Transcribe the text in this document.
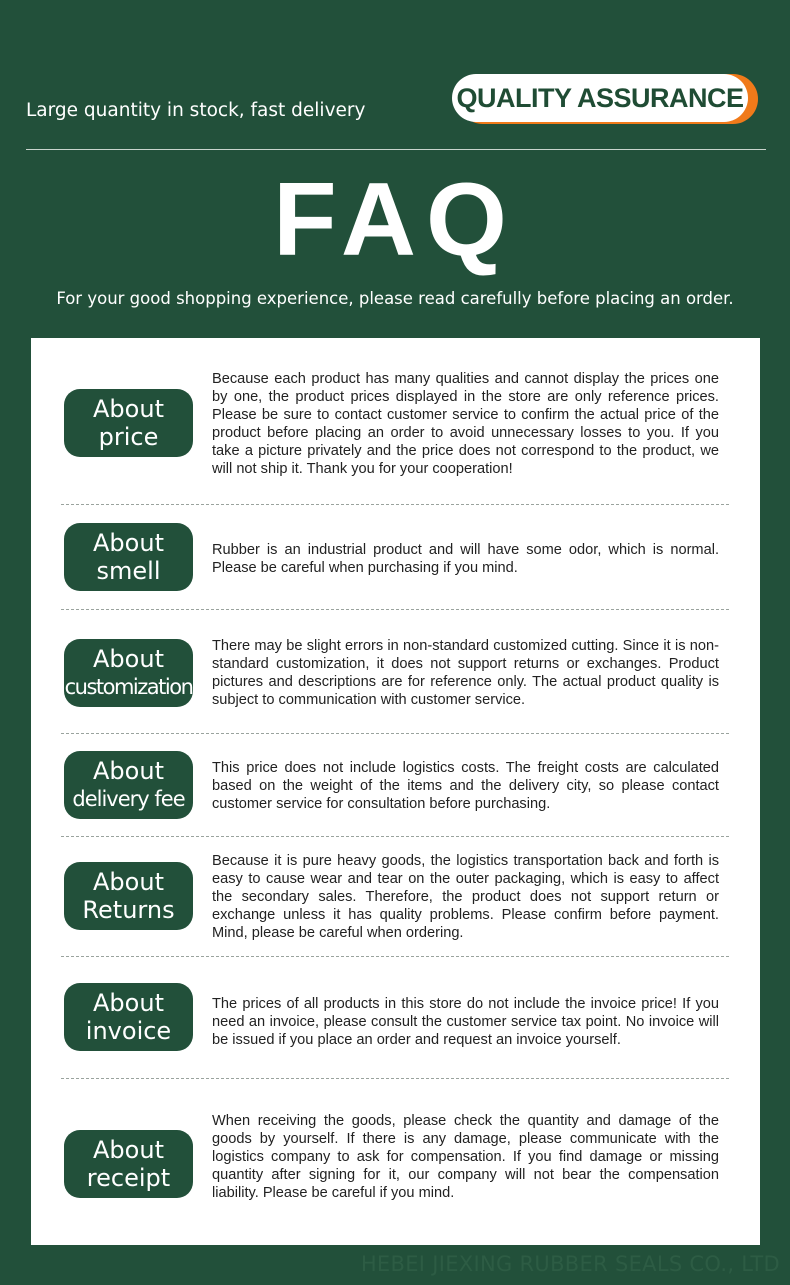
Large quantity in stock, fast delivery	QUALITY ASSURANCE
FAQ
For your good shopping experience, please read carefully before placing an order.
About
price
Because each product has many qualities and cannot display the prices one by one, the product prices displayed in the store are only reference prices. Please be sure to contact customer service to confirm the actual price of the product before placing an order to avoid unnecessary losses to you. If you take a picture privately and the price does not correspond to the product, we will not ship it. Thank you for your cooperation!
About
smell
Rubber is an industrial product and will have some odor, which is normal. Please be careful when purchasing if you mind.
About
customization
There may be slight errors in non-standard customized cutting. Since it is non-standard customization, it does not support returns or exchanges. Product pictures and descriptions are for reference only. The actual product quality is subject to communication with customer service.
About
delivery fee
This price does not include logistics costs. The freight costs are calculated based on the weight of the items and the delivery city, so please contact customer service for consultation before purchasing.
About
Returns
Because it is pure heavy goods, the logistics transportation back and forth is easy to cause wear and tear on the outer packaging, which is easy to affect the secondary sales. Therefore, the product does not support return or exchange unless it has quality problems. Please confirm before payment. Mind, please be careful when ordering.
About
invoice
The prices of all products in this store do not include the invoice price! If you need an invoice, please consult the customer service tax point. No invoice will be issued if you place an order and request an invoice yourself.
About
receipt
When receiving the goods, please check the quantity and damage of the goods by yourself. If there is any damage, please communicate with the logistics company to ask for compensation. If you find damage or missing quantity after signing for it, our company will not bear the compensation liability. Please be careful if you mind.
HEBEI JIEXING RUBBER SEALS CO., LTD
